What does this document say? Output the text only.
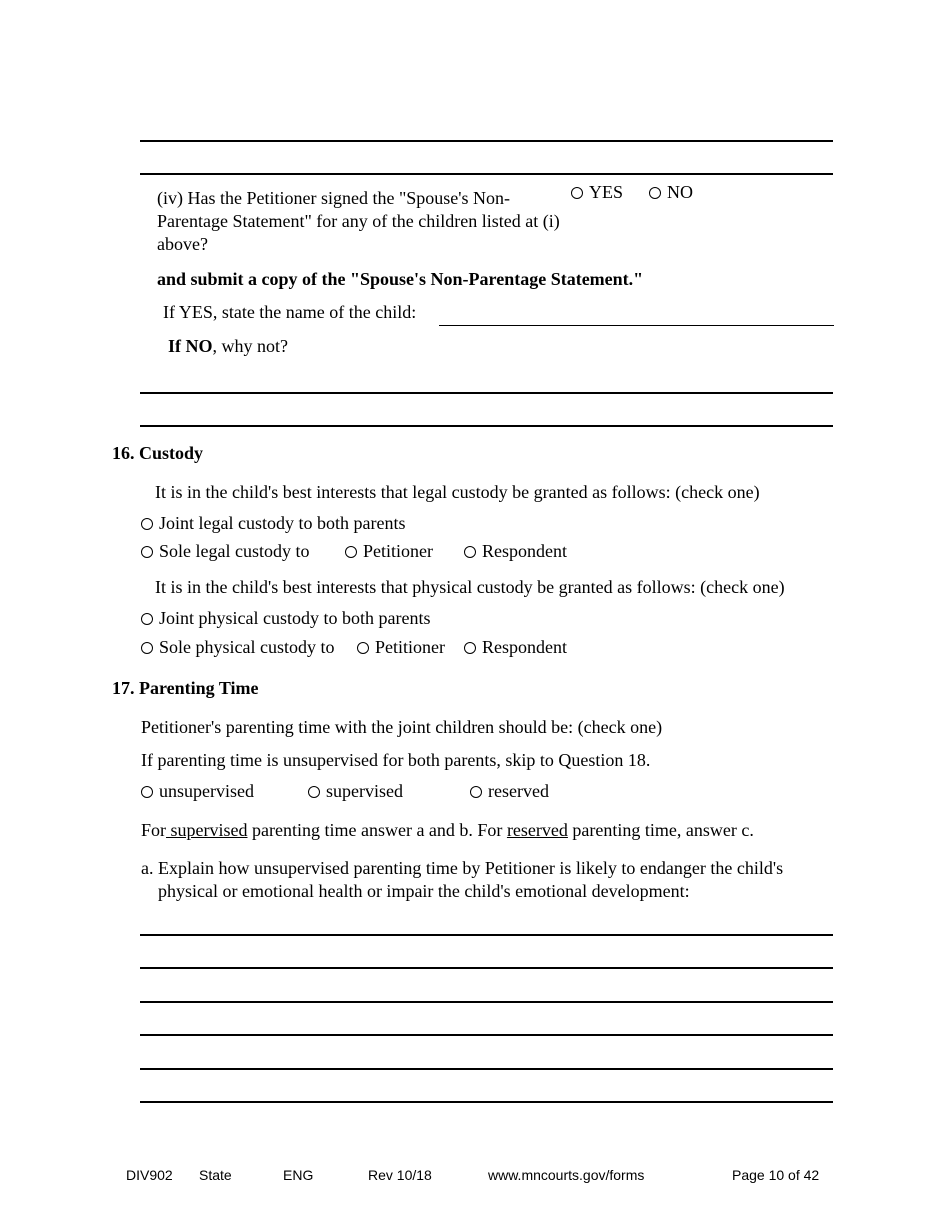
(iv) Has the Petitioner signed the "Spouse's Non-Parentage Statement" for any of the children listed at (i) above?
YES	NO
and submit a copy of the "Spouse's Non-Parentage Statement."
If YES, state the name of the child:
If NO, why not?
16. Custody
It is in the child's best interests that legal custody be granted as follows: (check one)
Joint legal custody to both parents
Sole legal custody to	Petitioner	Respondent
It is in the child's best interests that physical custody be granted as follows: (check one)
Joint physical custody to both parents
Sole physical custody to	Petitioner	Respondent
17. Parenting Time
Petitioner's parenting time with the joint children should be: (check one)
If parenting time is unsupervised for both parents, skip to Question 18.
unsupervised	supervised	reserved
For supervised parenting time answer a and b. For reserved parenting time, answer c.
a. Explain how unsupervised parenting time by Petitioner is likely to endanger the child's
physical or emotional health or impair the child's emotional development:
DIV902 State	ENG	Rev 10/18	www.mncourts.gov/forms	Page 10 of 42
